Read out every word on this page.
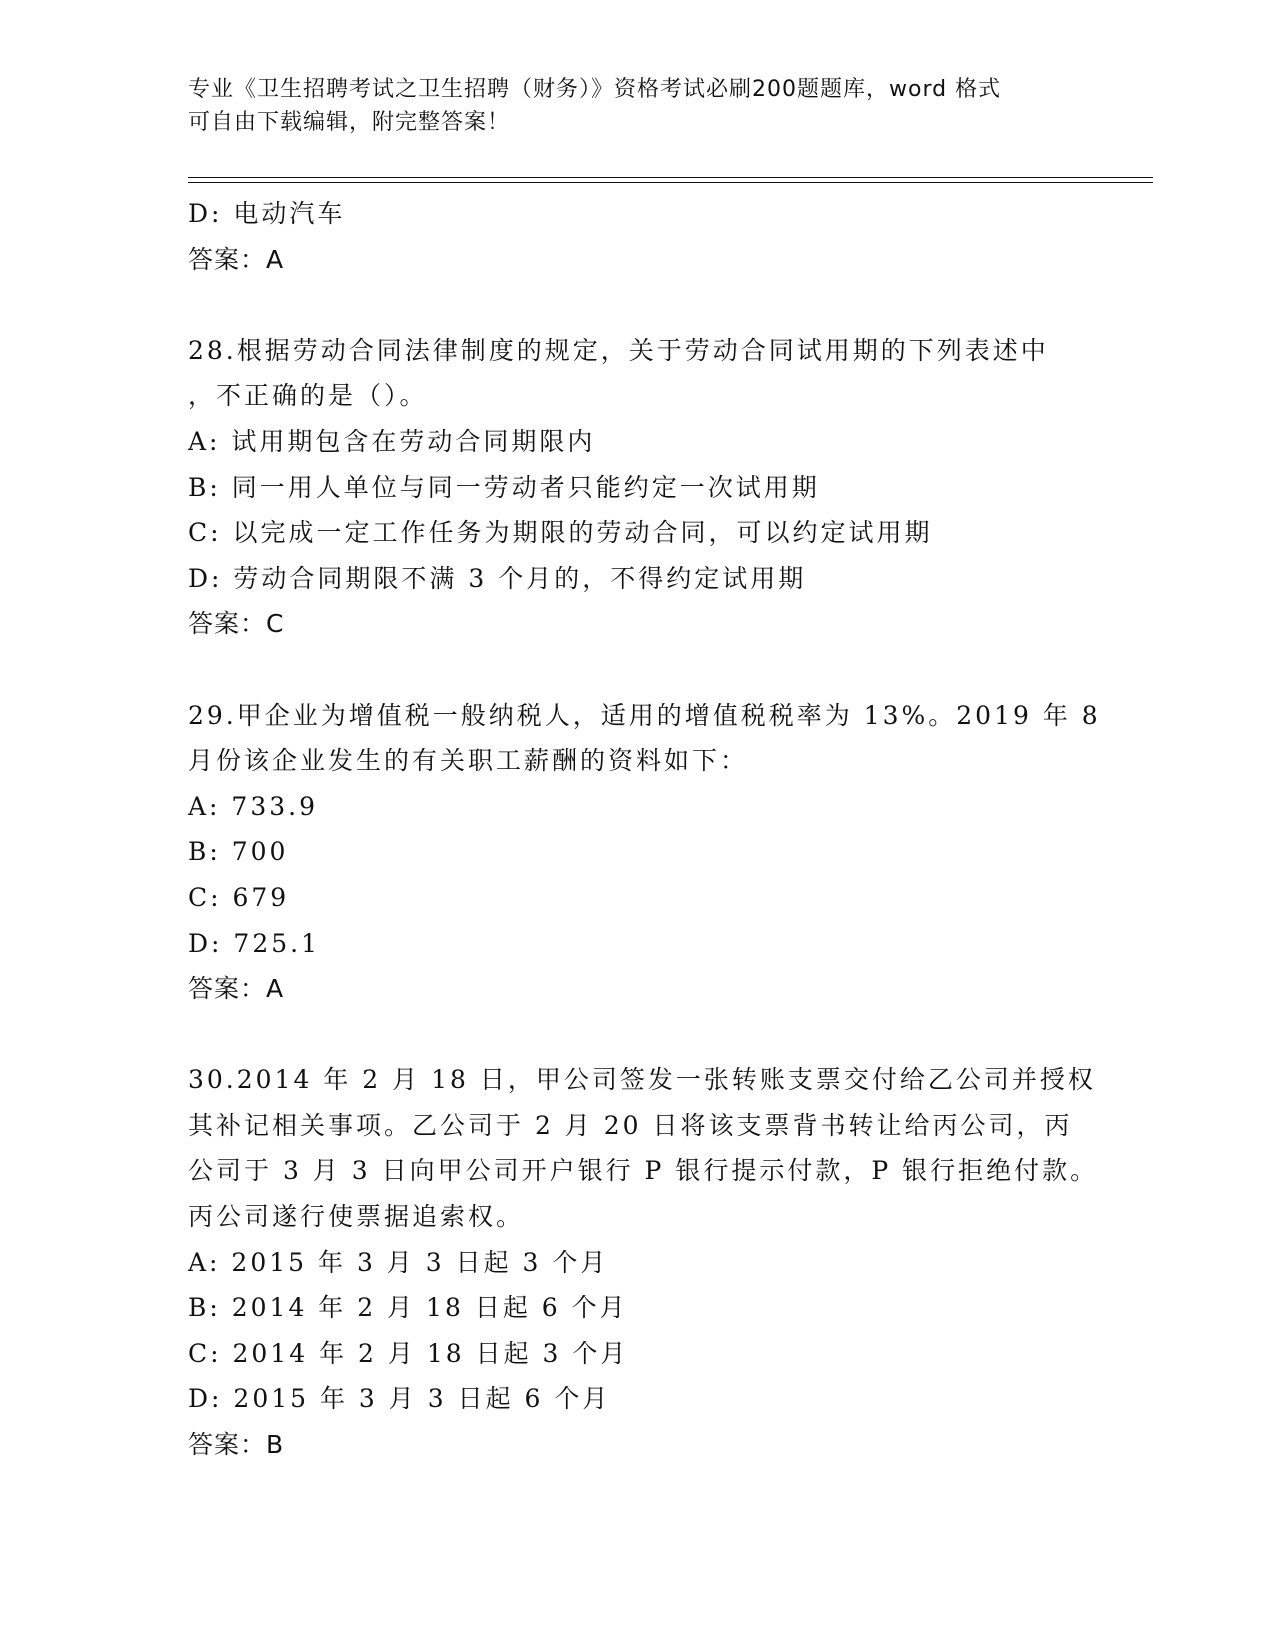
专业《卫生招聘考试之卫生招聘（财务）》资格考试必刷200题题库，word 格式
可自由下载编辑，附完整答案！
D: 电动汽车
答案：A
28.根据劳动合同法律制度的规定，关于劳动合同试用期的下列表述中
，不正确的是（）。
A: 试用期包含在劳动合同期限内
B: 同一用人单位与同一劳动者只能约定一次试用期
C: 以完成一定工作任务为期限的劳动合同，可以约定试用期
D: 劳动合同期限不满 3 个月的，不得约定试用期
答案：C
29.甲企业为增值税一般纳税人，适用的增值税税率为 13%。2019 年 8
月份该企业发生的有关职工薪酬的资料如下：
A: 733.9
B: 700
C: 679
D: 725.1
答案：A
30.2014 年 2 月 18 日，甲公司签发一张转账支票交付给乙公司并授权
其补记相关事项。乙公司于 2 月 20 日将该支票背书转让给丙公司，丙
公司于 3 月 3 日向甲公司开户银行 P 银行提示付款，P 银行拒绝付款。
丙公司遂行使票据追索权。
A: 2015 年 3 月 3 日起 3 个月
B: 2014 年 2 月 18 日起 6 个月
C: 2014 年 2 月 18 日起 3 个月
D: 2015 年 3 月 3 日起 6 个月
答案：B
